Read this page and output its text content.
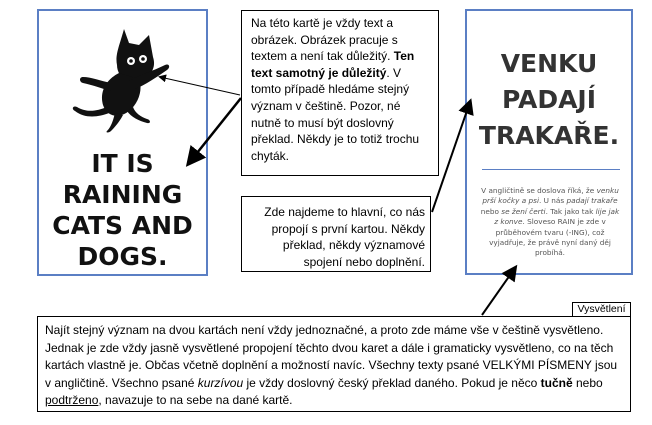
IT IS
RAINING
CATS AND
DOGS.
VENKU
PADAJÍ
TRAKAŘE.
V angličtině se doslova říká, že venku prší kočky a psi. U nás padají trakaře nebo se žení čerti. Tak jako tak lije jak z konve. Sloveso RAIN je zde v průběhovém tvaru (-ING), což vyjadřuje, že právě nyní daný děj probíhá.
Na této kartě je vždy text a obrázek. Obrázek pracuje s textem a není tak důležitý. Ten text samotný je důležitý. V tomto případě hledáme stejný význam v češtině. Pozor, né nutně to musí být doslovný překlad. Někdy je to totiž trochu chyták.
Zde najdeme to hlavní, co nás propojí s první kartou. Někdy překlad, někdy významové spojení nebo doplnění.
Vysvětlení
Najít stejný význam na dvou kartách není vždy jednoznačné, a proto zde máme vše v češtině vysvětleno. Jednak je zde vždy jasně vysvětlené propojení těchto dvou karet a dále i gramaticky vysvětleno, co na těch kartách vlastně je. Občas včetně doplnění a možností navíc. Všechny texty psané VELKÝMI PÍSMENY jsou v angličtině. Všechno psané kurzívou je vždy doslovný český překlad daného. Pokud je něco tučně nebo podtrženo, navazuje to na sebe na dané kartě.
